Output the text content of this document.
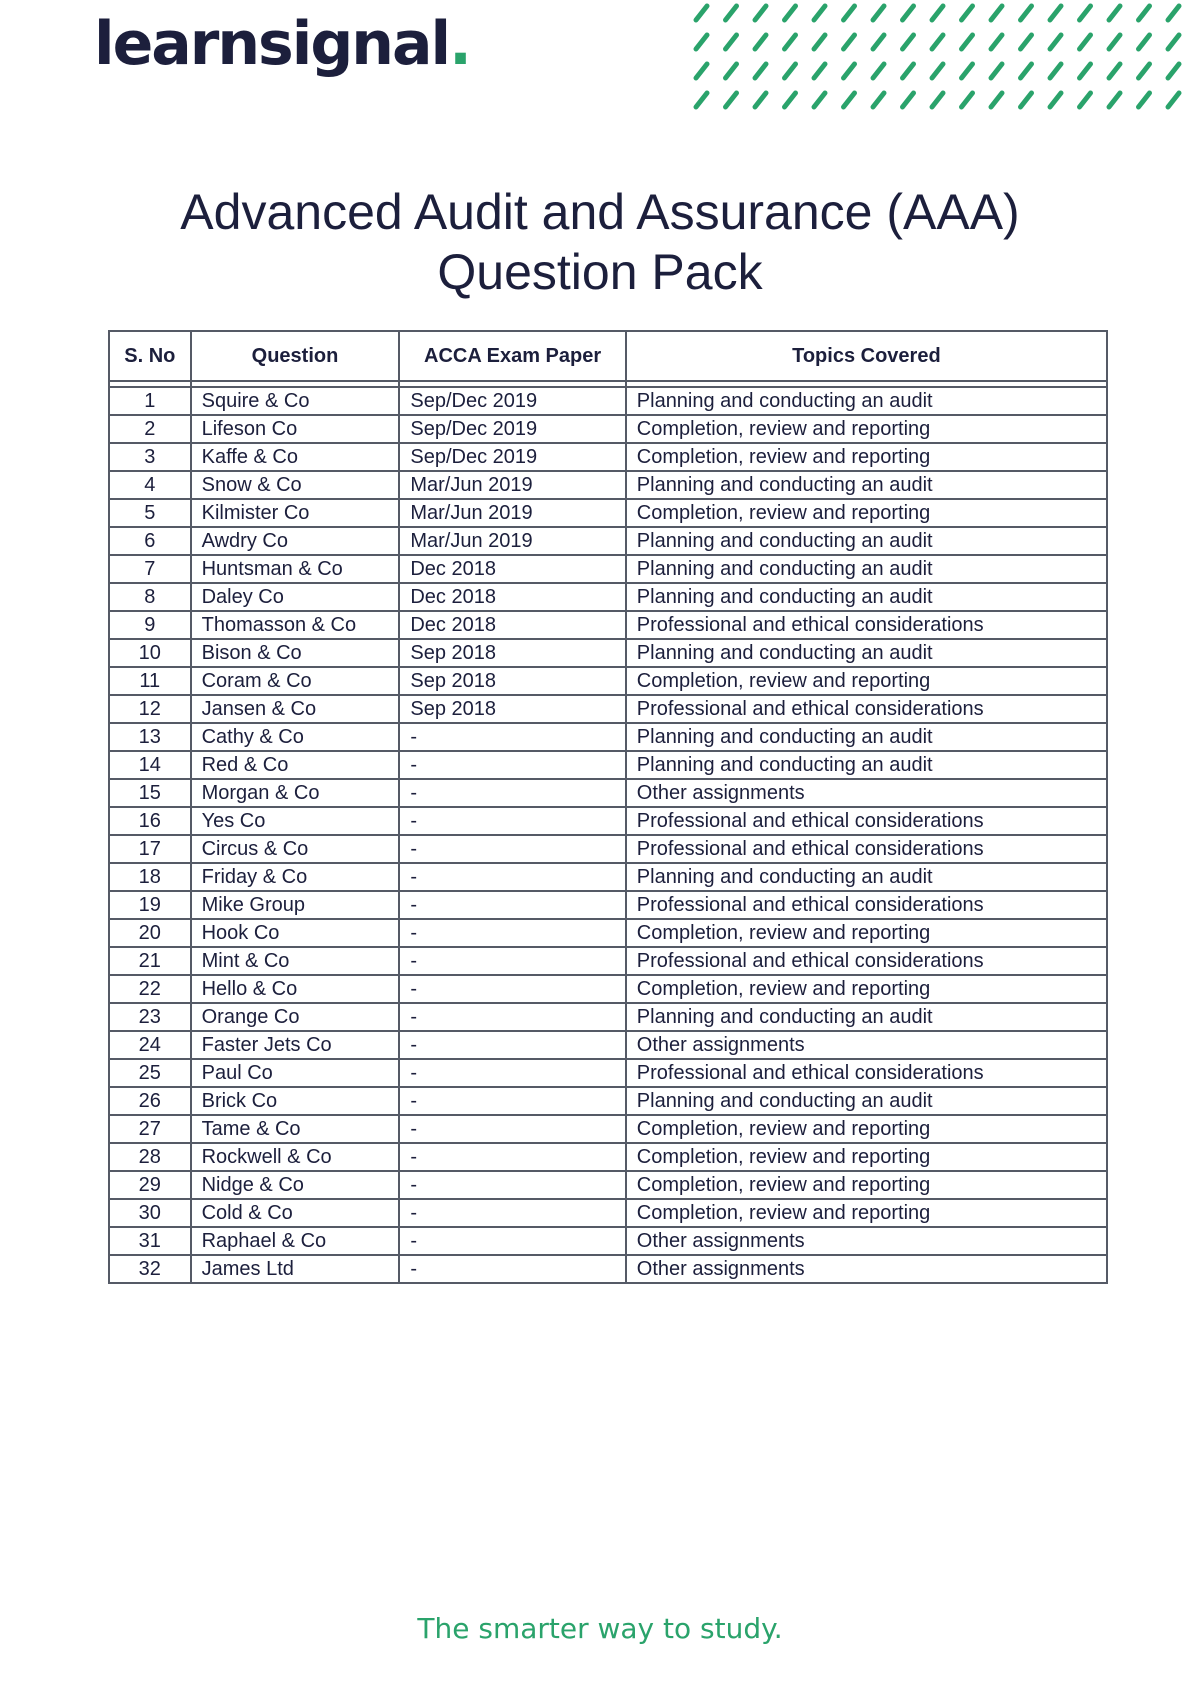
learnsignal.
Advanced Audit and Assurance (AAA)
Question Pack
S. No	Question	ACCA Exam Paper	Topics Covered

1	Squire & Co	Sep/Dec 2019	Planning and conducting an audit
2	Lifeson Co	Sep/Dec 2019	Completion, review and reporting
3	Kaffe & Co	Sep/Dec 2019	Completion, review and reporting
4	Snow & Co	Mar/Jun 2019	Planning and conducting an audit
5	Kilmister Co	Mar/Jun 2019	Completion, review and reporting
6	Awdry Co	Mar/Jun 2019	Planning and conducting an audit
7	Huntsman & Co	Dec 2018	Planning and conducting an audit
8	Daley Co	Dec 2018	Planning and conducting an audit
9	Thomasson & Co	Dec 2018	Professional and ethical considerations
10	Bison & Co	Sep 2018	Planning and conducting an audit
11	Coram & Co	Sep 2018	Completion, review and reporting
12	Jansen & Co	Sep 2018	Professional and ethical considerations
13	Cathy & Co	-	Planning and conducting an audit
14	Red & Co	-	Planning and conducting an audit
15	Morgan & Co	-	Other assignments
16	Yes Co	-	Professional and ethical considerations
17	Circus & Co	-	Professional and ethical considerations
18	Friday & Co	-	Planning and conducting an audit
19	Mike Group	-	Professional and ethical considerations
20	Hook Co	-	Completion, review and reporting
21	Mint & Co	-	Professional and ethical considerations
22	Hello & Co	-	Completion, review and reporting
23	Orange Co	-	Planning and conducting an audit
24	Faster Jets Co	-	Other assignments
25	Paul Co	-	Professional and ethical considerations
26	Brick Co	-	Planning and conducting an audit
27	Tame & Co	-	Completion, review and reporting
28	Rockwell & Co	-	Completion, review and reporting
29	Nidge & Co	-	Completion, review and reporting
30	Cold & Co	-	Completion, review and reporting
31	Raphael & Co	-	Other assignments
32	James Ltd	-	Other assignments
The smarter way to study.
